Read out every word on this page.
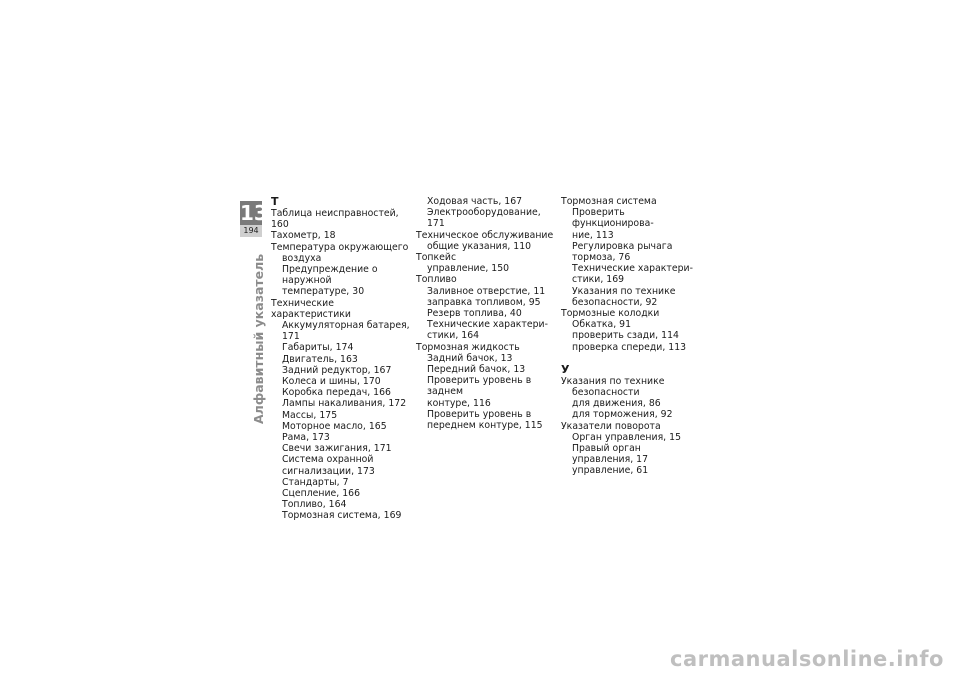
13
194
Алфавитный указатель
Т
Таблица неисправностей, 160
Тахометр, 18
Температура окружающего
воздуха
Предупреждение о наружной
температуре, 30
Технические характеристики
Аккумуляторная батарея, 171
Габариты, 174
Двигатель, 163
Задний редуктор, 167
Колеса и шины, 170
Коробка передач, 166
Лампы накаливания, 172
Массы, 175
Моторное масло, 165
Рама, 173
Свечи зажигания, 171
Система охранной
сигнализации, 173
Стандарты, 7
Сцепление, 166
Топливо, 164
Тормозная система, 169
Ходовая часть, 167
Электрооборудование, 171
Техническое обслуживание
общие указания, 110
Топкейс
управление, 150
Топливо
Заливное отверстие, 11
заправка топливом, 95
Резерв топлива, 40
Технические характери-
стики, 164
Тормозная жидкость
Задний бачок, 13
Передний бачок, 13
Проверить уровень в заднем
контуре, 116
Проверить уровень в
переднем контуре, 115
Тормозная система
Проверить функционирова-
ние, 113
Регулировка рычага
тормоза, 76
Технические характери-
стики, 169
Указания по технике
безопасности, 92
Тормозные колодки
Обкатка, 91
проверить сзади, 114
проверка спереди, 113
У
Указания по технике
безопасности
для движения, 86
для торможения, 92
Указатели поворота
Орган управления, 15
Правый орган управления, 17
управление, 61
carmanualsonline.info
